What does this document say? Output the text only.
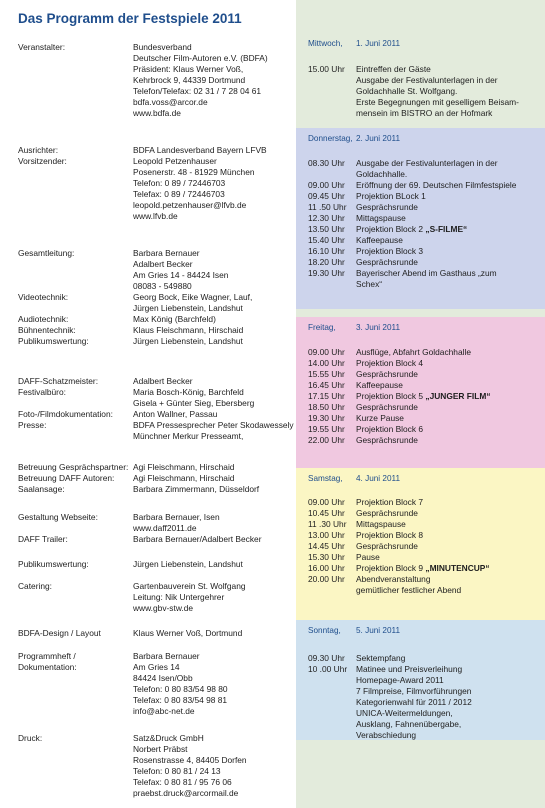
Das Programm der Festspiele 2011
Veranstalter:	Bundesverband
Deutscher Film-Autoren e.V. (BDFA)
Präsident: Klaus Werner Voß,
Kehrbrock 9, 44339 Dortmund
Telefon/Telefax: 02 31 / 7 28 04 61
bdfa.voss@arcor.de
www.bdfa.de
Ausrichter:	BDFA Landesverband Bayern LFVB
Vorsitzender:	Leopold Petzenhauser
Posenerstr. 48 - 81929 München
Telefon: 0 89 / 72446703
Telefax: 0 89 / 72446703
leopold.petzenhauser@lfvb.de
www.lfvb.de
Gesamtleitung:	Barbara Bernauer
Adalbert Becker
Am Gries 14 - 84424 Isen
08083 - 549880
Videotechnik:	Georg Bock, Eike Wagner, Lauf,
Jürgen Liebenstein, Landshut
Audiotechnik:	Max König (Barchfeld)
Bühnentechnik:	Klaus Fleischmann, Hirschaid
Publikumswertung:	Jürgen Liebenstein, Landshut
DAFF-Schatzmeister:	Adalbert Becker
Festivalbüro:	Maria Bosch-König, Barchfeld
Gisela + Günter Sieg, Ebersberg
Foto-/Filmdokumentation:	Anton Wallner, Passau
Presse:	BDFA Pressesprecher Peter Skodawessely
Münchner Merkur Presseamt,
Betreuung Gesprächspartner: Agi Fleischmann, Hirschaid
Betreuung DAFF Autoren:	Agi Fleischmann, Hirschaid
Saalansage:	Barbara Zimmermann, Düsseldorf
Gestaltung Webseite:	Barbara Bernauer, Isen
www.daff2011.de
DAFF Trailer:	Barbara Bernauer/Adalbert Becker
Publikumswertung:	Jürgen Liebenstein, Landshut
Catering:	Gartenbauverein St. Wolfgang
Leitung: Nik Untergehrer
www.gbv-stw.de
BDFA-Design / Layout	Klaus Werner Voß, Dortmund
Programmheft /	Barbara Bernauer
Dokumentation:	Am Gries 14
84424 Isen/Obb
Telefon: 0 80 83/54 98 80
Telefax: 0 80 83/54 98 81
info@abc-net.de
Druck:	Satz&Druck GmbH
Norbert Präbst
Rosenstrasse 4, 84405 Dorfen
Telefon: 0 80 81 / 24 13
Telefax: 0 80 81 / 95 76 06
praebst.druck@arcormail.de
Mittwoch, 1. Juni 2011
15.00 Uhr	Eintreffen der Gäste
Ausgabe der Festivalunterlagen in der
Goldachhalle St. Wolfgang.
Erste Begegnungen mit geselligem Beisam-
mensein im BISTRO an der Hofmark
Donnerstag, 2. Juni 2011
08.30 Uhr	Ausgabe der Festivalunterlagen in der
Goldachhalle.
09.00 Uhr	Eröffnung der 69. Deutschen Filmfestspiele
09.45 Uhr	Projektion BLock 1
11 .50 Uhr	Gesprächsrunde
12.30 Uhr	Mittagspause
13.50 Uhr	Projektion Block 2 „S-FILME“
15.40 Uhr	Kaffeepause
16.10 Uhr	Projektion Block 3
18.20 Uhr	Gesprächsrunde
19.30 Uhr	Bayerischer Abend im Gasthaus „zum
Schex“
Freitag, 3. Juni 2011
09.00 Uhr	Ausflüge, Abfahrt Goldachhalle
14.00 Uhr	Projektion Block 4
15.55 Uhr	Gesprächsrunde
16.45 Uhr	Kaffeepause
17.15 Uhr	Projektion Block 5 „JUNGER FILM“
18.50 Uhr	Gesprächsrunde
19.30 Uhr	Kurze Pause
19.55 Uhr	Projektion Block 6
22.00 Uhr	Gesprächsrunde
Samstag, 4. Juni 2011
09.00 Uhr	Projektion Block 7
10.45 Uhr	Gesprächsrunde
11 .30 Uhr	Mittagspause
13.00 Uhr	Projektion Block 8
14.45 Uhr	Gesprächsrunde
15.30 Uhr	Pause
16.00 Uhr	Projektion Block 9 „MINUTENCUP“
20.00 Uhr	Abendveranstaltung
gemütlicher festlicher Abend
Sonntag, 5. Juni 2011
09.30 Uhr	Sektempfang
10 .00 Uhr	Matinee und Preisverleihung
Homepage-Award 2011
7 Filmpreise, Filmvorführungen
Kategorienwahl für 2011 / 2012
UNICA-Weitermeldungen,
Ausklang, Fahnenübergabe,
Verabschiedung
